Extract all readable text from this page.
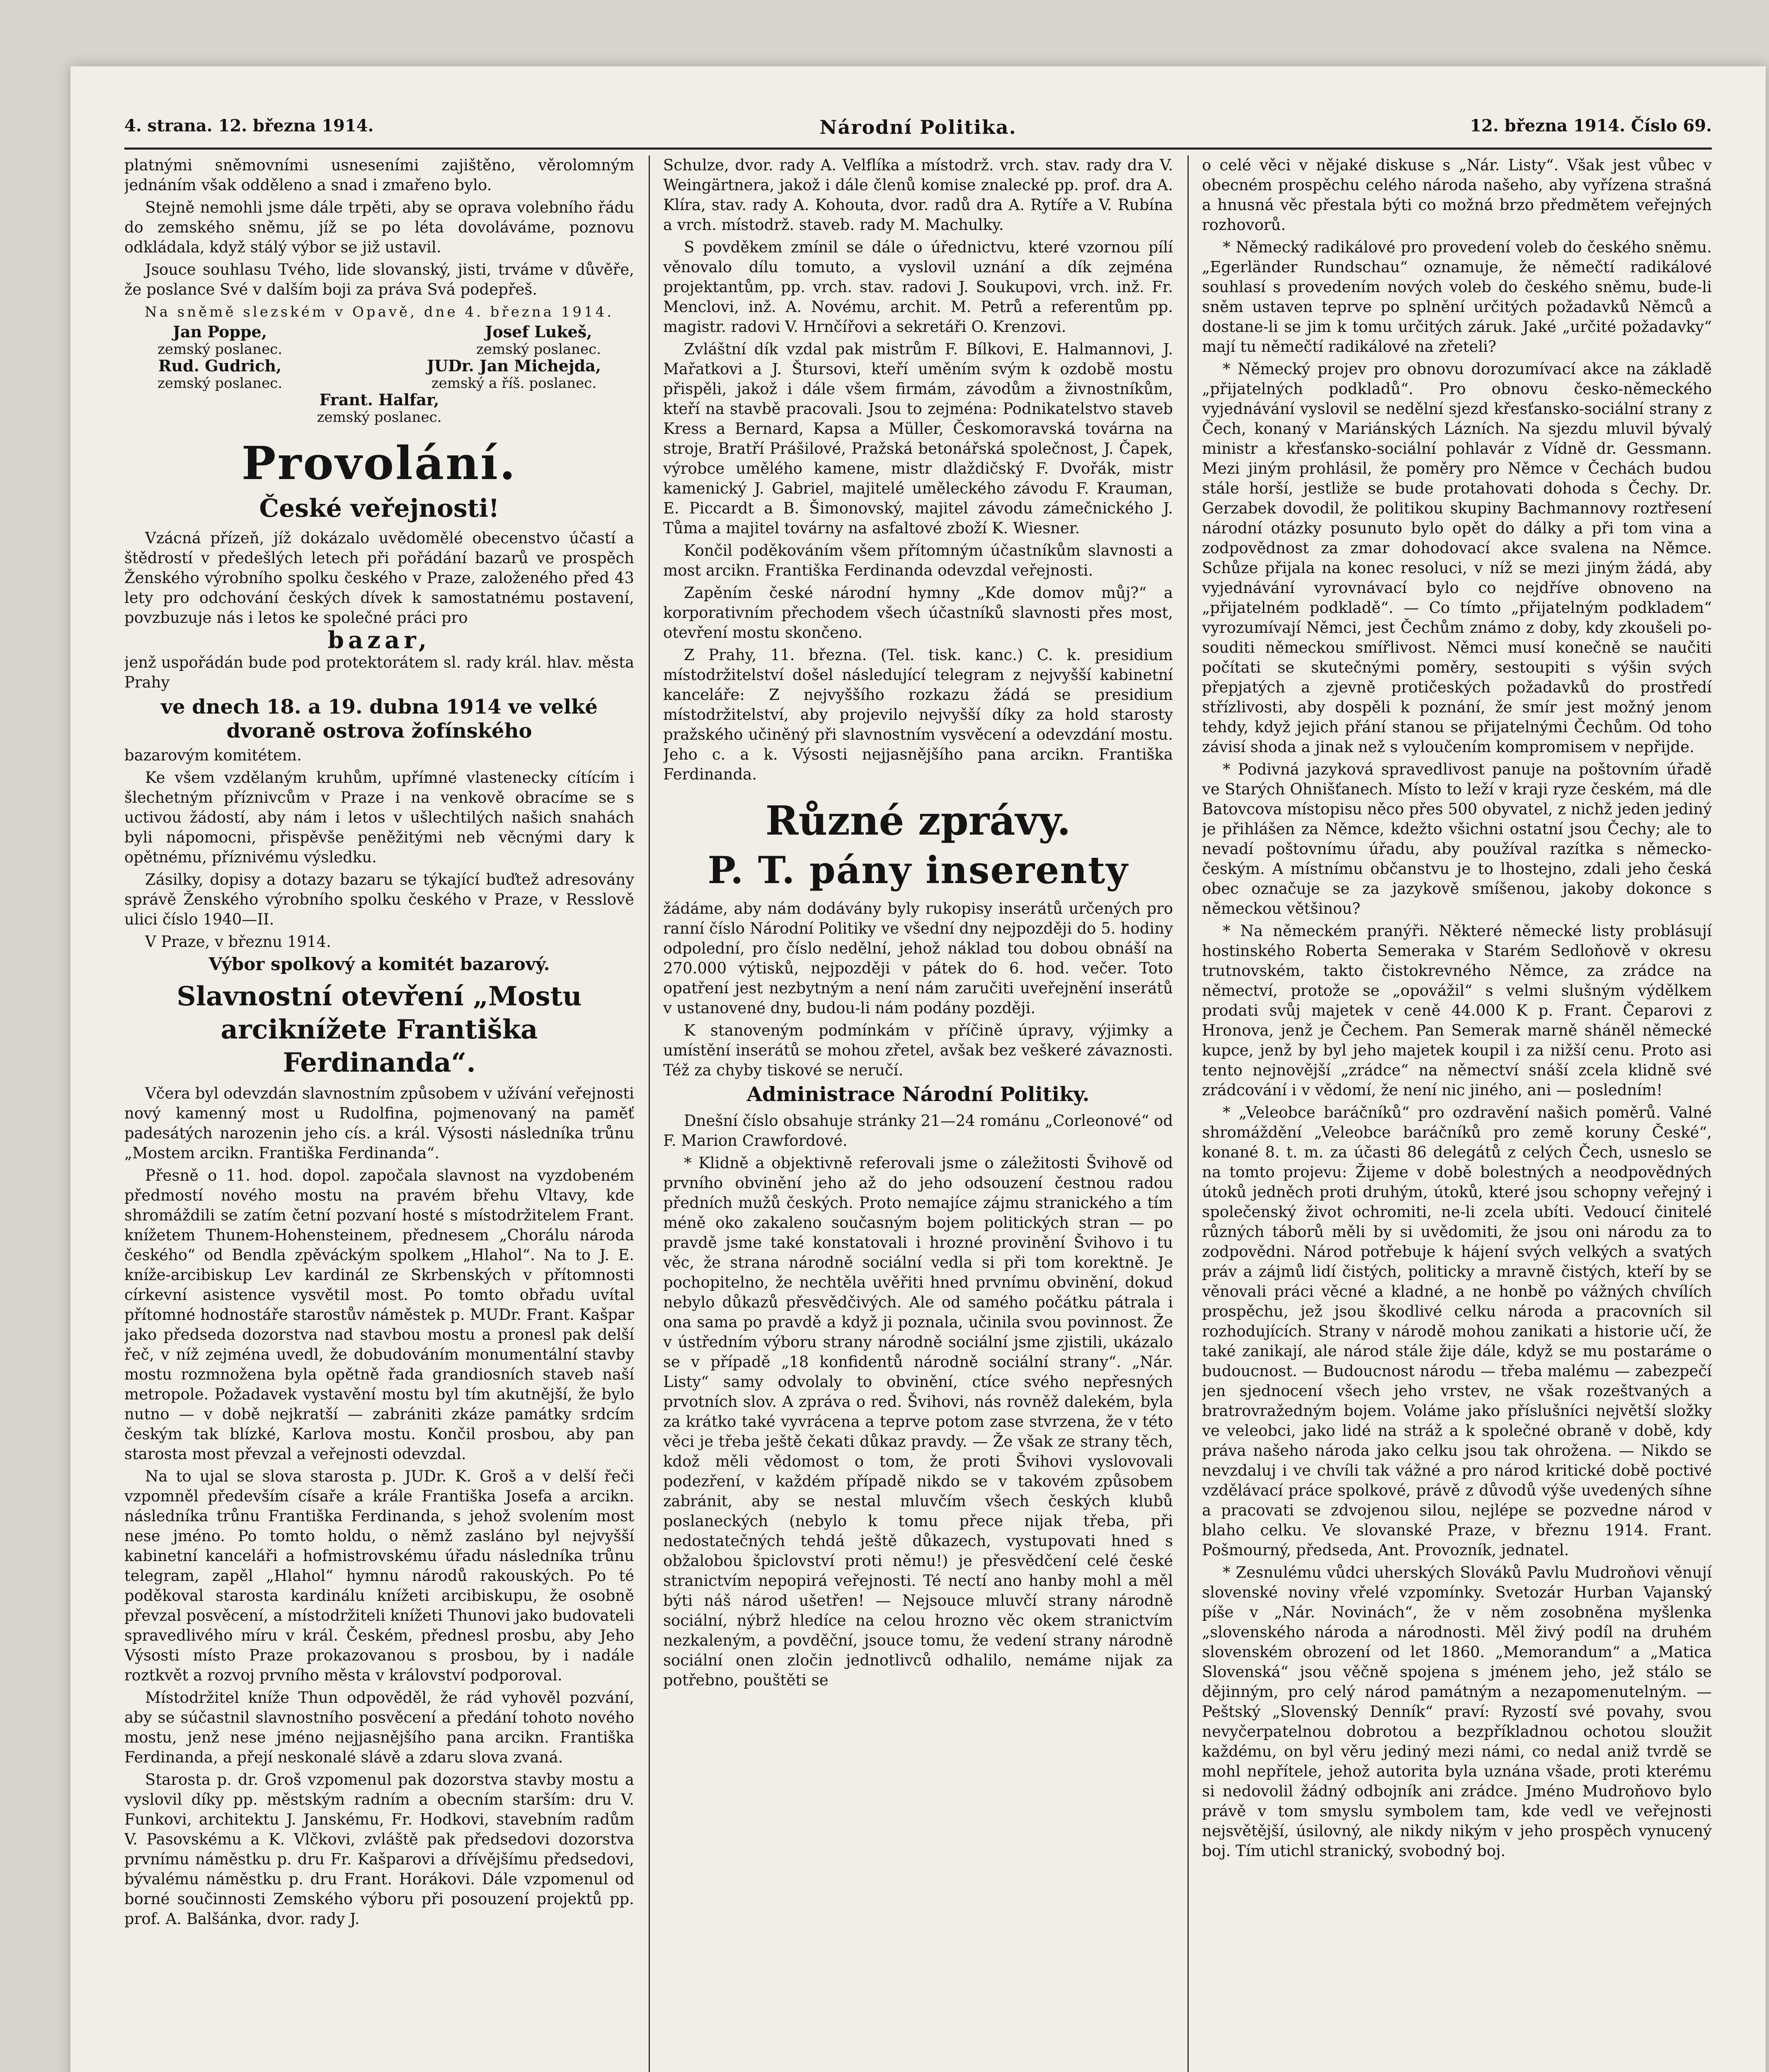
4. strana. 12. března 1914.	Národní Politika.	12. března 1914. Číslo 69.

platnými sněmovními usneseními zajištěno, věrolomným jednáním však odděleno a snad i zmařeno bylo.

Stejně nemohli jsme dále trpěti, aby se oprava volebního řádu do zemského sněmu, jíž se po léta dovoláváme, poznovu odkládala, když stálý výbor se již ustavil.

Jsouce souhlasu Tvého, lide slovanský, jisti, trváme v důvěře, že poslance Své v dalším boji za práva Svá podepřeš.

Na sněmě slezském v Opavě, dne 4. března 1914.
Jan Poppe,
zemský poslanec.
Josef Lukeš,
zemský poslanec.
Rud. Gudrich,
zemský poslanec.
JUDr. Jan Michejda,
zemský a říš. poslanec.
Frant. Halfar,
zemský poslanec.
Provolání.
České veřejnosti!

Vzácná přízeň, jíž dokázalo uvědomělé obecenstvo účastí a štědrostí v předešlých letech při pořádání bazarů ve prospěch Ženského výrobního spolku českého v Praze, založeného před 43 lety pro odchování českých dívek k samostatnému postavení, povzbuzuje nás i letos ke společné práci pro

bazar,

jenž uspořádán bude pod protektorátem sl. rady král. hlav. města Prahy

ve dnech 18. a 19. dubna 1914 ve velké dvoraně ostrova žofínského

bazarovým komitétem.

Ke všem vzdělaným kruhům, upřímné vlastenecky cítícím i šlechetným příznivcům v Praze i na venkově obracíme se s uctivou žádostí, aby nám i letos v ušlechtilých našich snahách byli nápomocni, přispěvše peněžitými neb věcnými dary k opětnému, příznivému výsledku.

Zásilky, dopisy a dotazy bazaru se týkající buďtež adresovány správě Ženského výrobního spolku českého v Praze, v Resslově ulici číslo 1940—II.

V Praze, v březnu 1914.

Výbor spolkový a komitét bazarový.
Slavnostní otevření „Mostu arciknížete Františka Ferdinanda“.

Včera byl odevzdán slavnostním způsobem v užívání veřejnosti nový kamenný most u Rudolfina, pojmenovaný na paměť padesátých narozenin jeho cís. a král. Výsosti následníka trůnu „Mostem arcikn. Františka Ferdinanda“.

Přesně o 11. hod. dopol. započala slavnost na vyzdobeném předmostí nového mostu na pravém břehu Vltavy, kde shromáždili se zatím četní pozvaní hosté s místodržitelem Frant. knížetem Thunem-Hohensteinem, přednesem „Chorálu národa českého“ od Bendla zpěváckým spolkem „Hlahol“. Na to J. E. kníže-arcibiskup Lev kardinál ze Skrbenských v přítomnosti církevní asistence vysvětil most. Po tomto obřadu uvítal přítomné hodnostáře starostův náměstek p. MUDr. Frant. Kašpar jako předseda dozorstva nad stavbou mostu a pronesl pak delší řeč, v níž zejména uvedl, že dobudováním monumentální stavby mostu rozmnožena byla opětně řada grandiosních staveb naší metropole. Požadavek vystavění mostu byl tím akutnější, že bylo nutno — v době nejkratší — zabrániti zkáze památky srdcím českým tak blízké, Karlova mostu. Končil prosbou, aby pan starosta most převzal a veřejnosti odevzdal.

Na to ujal se slova starosta p. JUDr. K. Groš a v delší řeči vzpomněl především císaře a krále Františka Josefa a arcikn. následníka trůnu Františka Ferdinanda, s jehož svolením most nese jméno. Po tomto holdu, o němž zasláno byl nejvyšší kabinetní kanceláři a hofmistrovskému úřadu následníka trůnu telegram, zapěl „Hlahol“ hymnu národů rakouských. Po té poděkoval starosta kardinálu knížeti arcibiskupu, že osobně převzal posvěcení, a místodržiteli knížeti Thunovi jako budovateli spravedlivého míru v král. Českém, přednesl prosbu, aby Jeho Výsosti místo Praze prokazovanou s prosbou, by i nadále roztkvět a rozvoj prvního města v království podporoval.

Místodržitel kníže Thun odpověděl, že rád vyhověl pozvání, aby se súčastnil slavnostního posvěcení a předání tohoto nového mostu, jenž nese jméno nejjasnějšího pana arcikn. Františka Ferdinanda, a přejí neskonalé slávě a zdaru slova zvaná.

Starosta p. dr. Groš vzpomenul pak dozorstva stavby mostu a vyslovil díky pp. městským radním a obecním starším: dru V. Funkovi, architektu J. Janskému, Fr. Hodkovi, stavebním radům V. Pasovskému a K. Vlčkovi, zvláště pak předsedovi dozorstva prvnímu náměstku p. dru Fr. Kašparovi a dřívějšímu předsedovi, bývalému náměstku p. dru Frant. Horákovi. Dále vzpomenul od borné součinnosti Zemského výboru při posouzení projektů pp. prof. A. Balšánka, dvor. rady J.

Schulze, dvor. rady A. Velflíka a místodrž. vrch. stav. rady dra V. Weingärtnera, jakož i dále členů komise znalecké pp. prof. dra A. Klíra, stav. rady A. Kohouta, dvor. radů dra A. Rytíře a V. Rubína a vrch. místodrž. staveb. rady M. Machulky.

S povděkem zmínil se dále o úřednictvu, které vzornou pílí věnovalo dílu tomuto, a vyslovil uznání a dík zejména projektantům, pp. vrch. stav. radovi J. Soukupovi, vrch. inž. Fr. Menclovi, inž. A. Novému, archit. M. Petrů a referentům pp. magistr. radovi V. Hrnčířovi a sekretáři O. Krenzovi.

Zvláštní dík vzdal pak mistrům F. Bílkovi, E. Halmannovi, J. Mařatkovi a J. Štursovi, kteří uměním svým k ozdobě mostu přispěli, jakož i dále všem firmám, závodům a živnostníkům, kteří na stavbě pracovali. Jsou to zejména: Podnikatelstvo staveb Kress a Bernard, Kapsa a Müller, Českomoravská továrna na stroje, Bratří Prášilové, Pražská betonářská společnost, J. Čapek, výrobce umělého kamene, mistr dlaždičský F. Dvořák, mistr kamenický J. Gabriel, majitelé uměleckého závodu F. Krauman, E. Piccardt a B. Šimonovský, majitel závodu zámečnického J. Tůma a majitel továrny na asfaltové zboží K. Wiesner.

Končil poděkováním všem přítomným účastníkům slavnosti a most arcikn. Františka Ferdinanda odevzdal veřejnosti.

Zapěním české národní hymny „Kde domov můj?“ a korporativním přechodem všech účastníků slavnosti přes most, otevření mostu skončeno.

Z Prahy, 11. března. (Tel. tisk. kanc.) C. k. presidium místodržitelství došel následující telegram z nejvyšší kabinetní kanceláře: Z nejvyššího rozkazu žádá se presidium místodržitelství, aby projevilo nejvyšší díky za hold starosty pražského učiněný při slavnostním vysvěcení a odevzdání mostu. Jeho c. a k. Výsosti nejjasnějšího pana arcikn. Františka Ferdinanda.

Různé zprávy.
P. T. pány inserenty

žádáme, aby nám dodávány byly rukopisy inserátů určených pro ranní číslo Národní Politiky ve všední dny nejpozději do 5. hodiny odpolední, pro číslo nedělní, jehož náklad tou dobou obnáší na 270.000 výtisků, nejpozději v pátek do 6. hod. večer. Toto opatření jest nezbytným a není nám zaručiti uveřejnění inserátů v ustanovené dny, budou-li nám podány později.

K stanoveným podmínkám v příčině úpravy, výjimky a umístění inserátů se mohou zřetel, avšak bez veškeré závaznosti. Též za chyby tiskové se neručí.

Administrace Národní Politiky.

Dnešní číslo obsahuje stránky 21—24 románu „Corleonové“ od F. Marion Crawfordové.

* Klidně a objektivně referovali jsme o záležitosti Švihově od prvního obvinění jeho až do jeho odsouzení čestnou radou předních mužů českých. Proto nemajíce zájmu stranického a tím méně oko zakaleno současným bojem politických stran — po pravdě jsme také konstatovali i hrozné provinění Švihovo i tu věc, že strana národně sociální vedla si při tom korektně. Je pochopitelno, že nechtěla uvěřiti hned prvnímu obvinění, dokud nebylo důkazů přesvědčivých. Ale od samého počátku pátrala i ona sama po pravdě a když ji poznala, učinila svou povinnost. Že v ústředním výboru strany národně sociální jsme zjistili, ukázalo se v případě „18 konfidentů národně sociální strany“. „Nár. Listy“ samy odvolaly to obvinění, ctíce svého nepřesných prvotních slov. A zpráva o red. Švihovi, nás rovněž dalekém, byla za krátko také vyvrácena a teprve potom zase stvrzena, že v této věci je třeba ještě čekati důkaz pravdy. — Že však ze strany těch, kdož měli vědomost o tom, že proti Švihovi vyslovovali podezření, v každém případě nikdo se v takovém způsobem zabránit, aby se nestal mluvčím všech českých klubů poslaneckých (nebylo k tomu přece nijak třeba, při nedostatečných tehdá ještě důkazech, vystupovati hned s obžalobou špiclovství proti němu!) je přesvědčení celé české stranictvím nepopirá veřejnosti. Té nectí ano hanby mohl a měl býti náš národ ušetřen! — Nejsouce mluvčí strany národně sociální, nýbrž hledíce na celou hrozno věc okem stranictvím nezkaleným, a povděční, jsouce tomu, že vedení strany národně sociální onen zločin jednotlivců odhalilo, nemáme nijak za potřebno, pouštěti se

o celé věci v nějaké diskuse s „Nár. Listy“. Však jest vůbec v obecném prospěchu celého národa našeho, aby vyřízena strašná a hnusná věc přestala býti co možná brzo předmětem veřejných rozhovorů.

* Německý radikálové pro provedení voleb do českého sněmu. „Egerländer Rundschau“ oznamuje, že němečtí radikálové souhlasí s provedením nových voleb do českého sněmu, bude-li sněm ustaven teprve po splnění určitých požadavků Němců a dostane-li se jim k tomu určitých záruk. Jaké „určité požadavky“ mají tu němečtí radikálové na zřeteli?

* Německý projev pro obnovu dorozumívací akce na základě „přijatelných podkladů“. Pro obnovu česko-německého vyjednávání vyslovil se nedělní sjezd křesťansko-sociální strany z Čech, konaný v Mariánských Lázních. Na sjezdu mluvil bývalý ministr a křesťansko-sociální pohlavár z Vídně dr. Gessmann. Mezi jiným prohlásil, že poměry pro Němce v Čechách budou stále horší, jestliže se bude protahovati dohoda s Čechy. Dr. Gerzabek dovodil, že politikou skupiny Bachmannovy roztřesení národní otázky posunuto bylo opět do dálky a při tom vina a zodpovědnost za zmar dohodovací akce svalena na Němce. Schůze přijala na konec resoluci, v níž se mezi jiným žádá, aby vyjednávání vyrovnávací bylo co nejdříve obnoveno na „přijatelném podkladě“. — Co tímto „přijatelným podkladem“ vyrozumívají Němci, jest Čechům známo z doby, kdy zkoušeli posouditi německou smířlivost. Němci musí konečně se naučiti počítati se skutečnými poměry, sestoupiti s výšin svých přepjatých a zjevně protičeských požadavků do prostředí střízlivosti, aby dospěli k poznání, že smír jest možný jenom tehdy, když jejich přání stanou se přijatelnými Čechům. Od toho závisí shoda a jinak než s vyloučením kompromisem v nepřijde.

* Podivná jazyková spravedlivost panuje na poštovním úřadě ve Starých Ohnišťanech. Místo to leží v kraji ryze českém, má dle Batovcova místopisu něco přes 500 obyvatel, z nichž jeden jediný je přihlášen za Němce, kdežto všichni ostatní jsou Čechy; ale to nevadí poštovnímu úřadu, aby používal razítka s německo-českým. A místnímu občanstvu je to lhostejno, zdali jeho česká obec označuje se za jazykově smíšenou, jakoby dokonce s německou většinou?

* Na německém pranýři. Některé německé listy problásují hostinského Roberta Semeraka v Starém Sedloňově v okresu trutnovském, takto čistokrevného Němce, za zrádce na němectví, protože se „opovážil“ s velmi slušným výdělkem prodati svůj majetek v ceně 44.000 K p. Frant. Čeparovi z Hronova, jenž je Čechem. Pan Semerak marně sháněl německé kupce, jenž by byl jeho majetek koupil i za nižší cenu. Proto asi tento nejnovější „zrádce“ na němectví snáší zcela klidně své zrádcování i v vědomí, že není nic jiného, ani — posledním!

* „Veleobce baráčníků“ pro ozdravění našich poměrů. Valné shromáždění „Veleobce baráčníků pro země koruny České“, konané 8. t. m. za účasti 86 delegátů z celých Čech, usneslo se na tomto projevu: Žijeme v době bolestných a neodpovědných útoků jedněch proti druhým, útoků, které jsou schopny veřejný i společenský život ochromiti, ne-li zcela ubíti. Vedoucí činitelé různých táborů měli by si uvědomiti, že jsou oni národu za to zodpovědni. Národ potřebuje k hájení svých velkých a svatých práv a zájmů lidí čistých, politicky a mravně čistých, kteří by se věnovali práci věcné a kladné, a ne honbě po vážných chvílích prospěchu, jež jsou škodlivé celku národa a pracovních sil rozhodujících. Strany v národě mohou zanikati a historie učí, že také zanikají, ale národ stále žije dále, když se mu postaráme o budoucnost. — Budoucnost národu — třeba malému — zabezpečí jen sjednocení všech jeho vrstev, ne však rozeštvaných a bratrovražedným bojem. Voláme jako příslušníci největší složky ve veleobci, jako lidé na stráž a k společné obraně v době, kdy práva našeho národa jako celku jsou tak ohrožena. — Nikdo se nevzdaluj i ve chvíli tak vážné a pro národ kritické době poctivé vzdělávací práce spolkové, právě z důvodů výše uvedených síhne a pracovati se zdvojenou silou, nejlépe se pozvedne národ v blaho celku. Ve slovanské Praze, v březnu 1914. Frant. Pošmourný, předseda, Ant. Provozník, jednatel.

* Zesnulému vůdci uherských Slováků Pavlu Mudroňovi věnují slovenské noviny vřelé vzpomínky. Svetozár Hurban Vajanský píše v „Nár. Novinách“, že v něm zosobněna myšlenka „slovenského národa a národnosti. Měl živý podíl na druhém slovenském obrození od let 1860. „Memorandum“ a „Matica Slovenská“ jsou věčně spojena s jménem jeho, jež stálo se dějinným, pro celý národ památným a nezapomenutelným. — Peštský „Slovenský Denník“ praví: Ryzostí své povahy, svou nevyčerpatelnou dobrotou a bezpříkladnou ochotou sloužit každému, on byl věru jediný mezi námi, co nedal aniž tvrdě se mohl nepřítele, jehož autorita byla uznána všade, proti kterému si nedovolil žádný odbojník ani zrádce. Jméno Mudroňovo bylo právě v tom smyslu symbolem tam, kde vedl ve veřejnosti nejsvětější, úsilovný, ale nikdy nikým v jeho prospěch vynucený boj. Tím utichl stranický, svobodný boj.
